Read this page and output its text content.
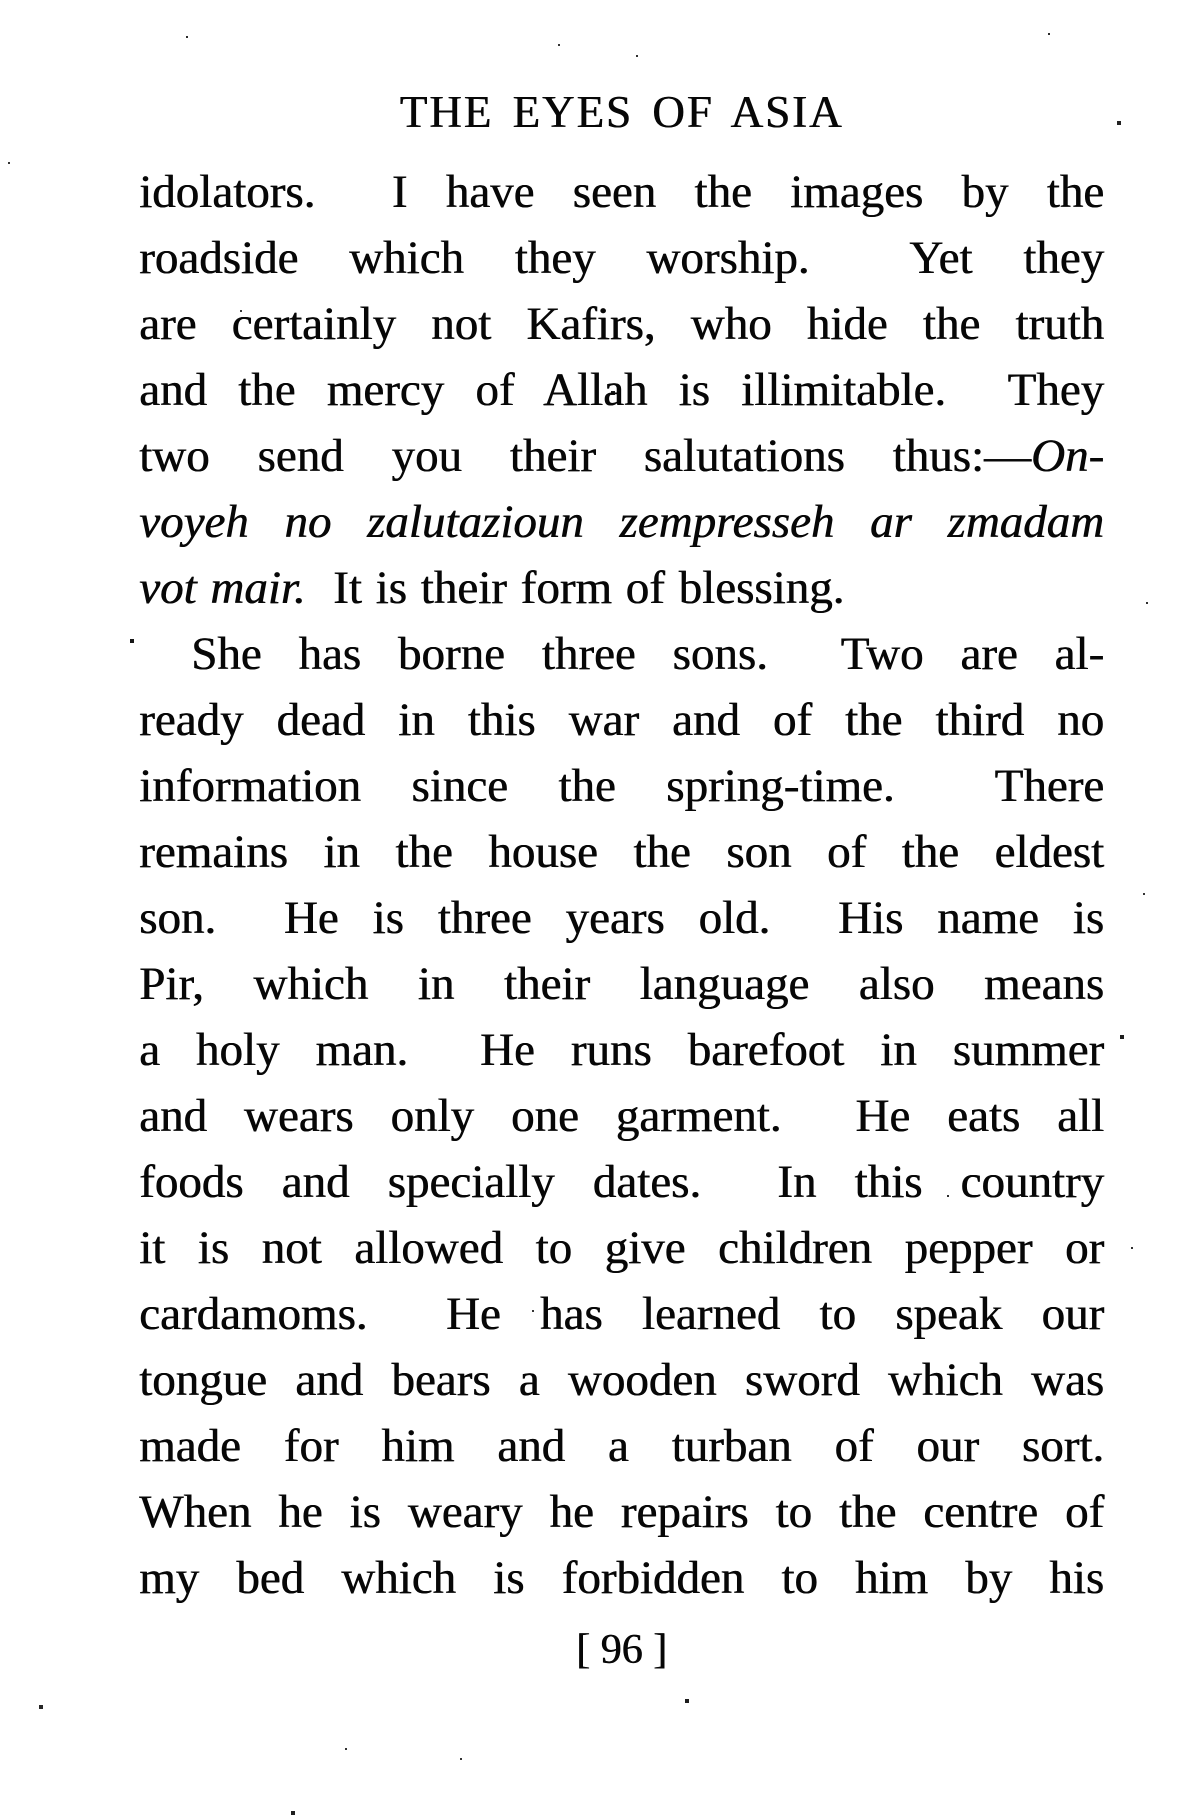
THE EYES OF ASIA
idolators.  I have seen the images by the
roadside which they worship.  Yet they
are certainly not Kafirs, who hide the truth
and the mercy of Allah is illimitable.  They
two send you their salutations thus:—On-
voyeh no zalutazioun zempresseh ar zmadam
vot mair.  It is their form of blessing.
She has borne three sons.  Two are al-
ready dead in this war and of the third no
information since the spring-time.  There
remains in the house the son of the eldest
son.  He is three years old.  His name is
Pir, which in their language also means
a holy man.  He runs barefoot in summer
and wears only one garment.  He eats all
foods and specially dates.  In this country
it is not allowed to give children pepper or
cardamoms.  He has learned to speak our
tongue and bears a wooden sword which was
made for him and a turban of our sort.
When he is weary he repairs to the centre of
my bed which is forbidden to him by his
[ 96 ]
